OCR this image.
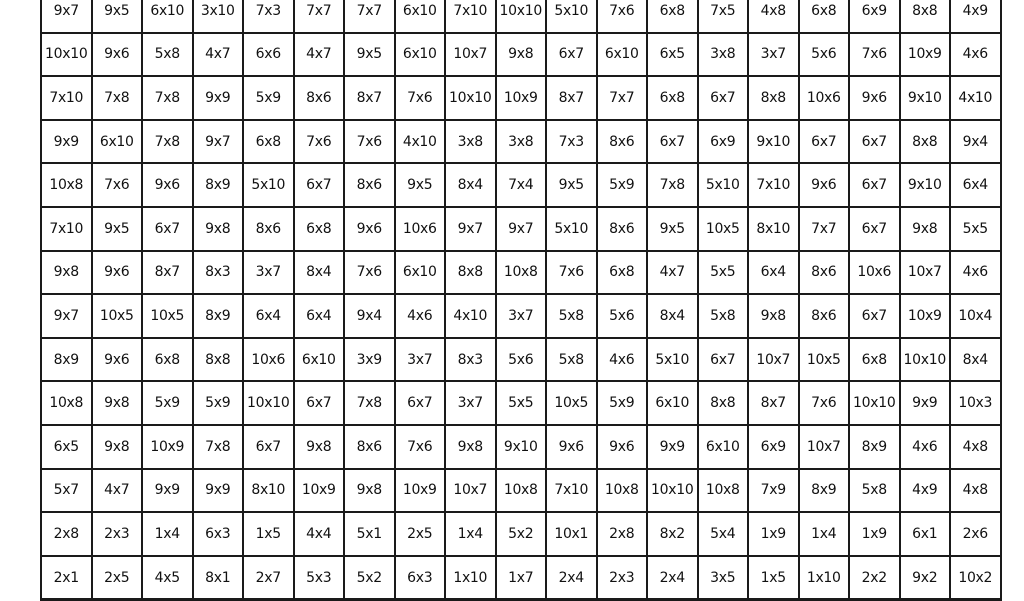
9x7	9x5	6x10	3x10	7x3	7x7	7x7	6x10	7x10	10x10	5x10	7x6	6x8	7x5	4x8	6x8	6x9	8x8	4x9
10x10	9x6	5x8	4x7	6x6	4x7	9x5	6x10	10x7	9x8	6x7	6x10	6x5	3x8	3x7	5x6	7x6	10x9	4x6
7x10	7x8	7x8	9x9	5x9	8x6	8x7	7x6	10x10	10x9	8x7	7x7	6x8	6x7	8x8	10x6	9x6	9x10	4x10
9x9	6x10	7x8	9x7	6x8	7x6	7x6	4x10	3x8	3x8	7x3	8x6	6x7	6x9	9x10	6x7	6x7	8x8	9x4
10x8	7x6	9x6	8x9	5x10	6x7	8x6	9x5	8x4	7x4	9x5	5x9	7x8	5x10	7x10	9x6	6x7	9x10	6x4
7x10	9x5	6x7	9x8	8x6	6x8	9x6	10x6	9x7	9x7	5x10	8x6	9x5	10x5	8x10	7x7	6x7	9x8	5x5
9x8	9x6	8x7	8x3	3x7	8x4	7x6	6x10	8x8	10x8	7x6	6x8	4x7	5x5	6x4	8x6	10x6	10x7	4x6
9x7	10x5	10x5	8x9	6x4	6x4	9x4	4x6	4x10	3x7	5x8	5x6	8x4	5x8	9x8	8x6	6x7	10x9	10x4
8x9	9x6	6x8	8x8	10x6	6x10	3x9	3x7	8x3	5x6	5x8	4x6	5x10	6x7	10x7	10x5	6x8	10x10	8x4
10x8	9x8	5x9	5x9	10x10	6x7	7x8	6x7	3x7	5x5	10x5	5x9	6x10	8x8	8x7	7x6	10x10	9x9	10x3
6x5	9x8	10x9	7x8	6x7	9x8	8x6	7x6	9x8	9x10	9x6	9x6	9x9	6x10	6x9	10x7	8x9	4x6	4x8
5x7	4x7	9x9	9x9	8x10	10x9	9x8	10x9	10x7	10x8	7x10	10x8	10x10	10x8	7x9	8x9	5x8	4x9	4x8
2x8	2x3	1x4	6x3	1x5	4x4	5x1	2x5	1x4	5x2	10x1	2x8	8x2	5x4	1x9	1x4	1x9	6x1	2x6
2x1	2x5	4x5	8x1	2x7	5x3	5x2	6x3	1x10	1x7	2x4	2x3	2x4	3x5	1x5	1x10	2x2	9x2	10x2
